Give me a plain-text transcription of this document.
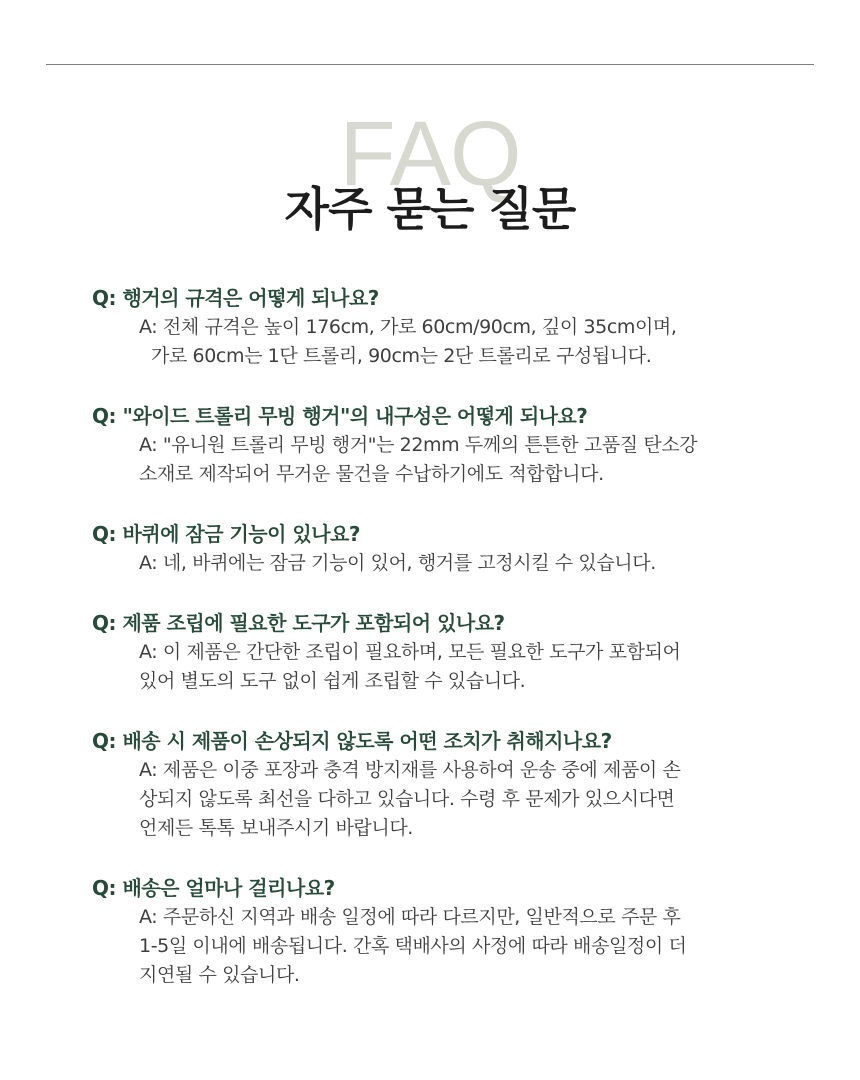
FAQ
자주 묻는 질문
Q: 행거의 규격은 어떻게 되나요?
A: 전체 규격은 높이 176cm, 가로 60cm/90cm, 깊이 35cm이며,
가로 60cm는 1단 트롤리, 90cm는 2단 트롤리로 구성됩니다.
Q: "와이드 트롤리 무빙 행거"의 내구성은 어떻게 되나요?
A: "유니원 트롤리 무빙 행거"는 22mm 두께의 튼튼한 고품질 탄소강
소재로 제작되어 무거운 물건을 수납하기에도 적합합니다.
Q: 바퀴에 잠금 기능이 있나요?
A: 네, 바퀴에는 잠금 기능이 있어, 행거를 고정시킬 수 있습니다.
Q: 제품 조립에 필요한 도구가 포함되어 있나요?
A: 이 제품은 간단한 조립이 필요하며, 모든 필요한 도구가 포함되어
있어 별도의 도구 없이 쉽게 조립할 수 있습니다.
Q: 배송 시 제품이 손상되지 않도록 어떤 조치가 취해지나요?
A: 제품은 이중 포장과 충격 방지재를 사용하여 운송 중에 제품이 손
상되지 않도록 최선을 다하고 있습니다. 수령 후 문제가 있으시다면
언제든 톡톡 보내주시기 바랍니다.
Q: 배송은 얼마나 걸리나요?
A: 주문하신 지역과 배송 일정에 따라 다르지만, 일반적으로 주문 후
1-5일 이내에 배송됩니다. 간혹 택배사의 사정에 따라 배송일정이 더
지연될 수 있습니다.
